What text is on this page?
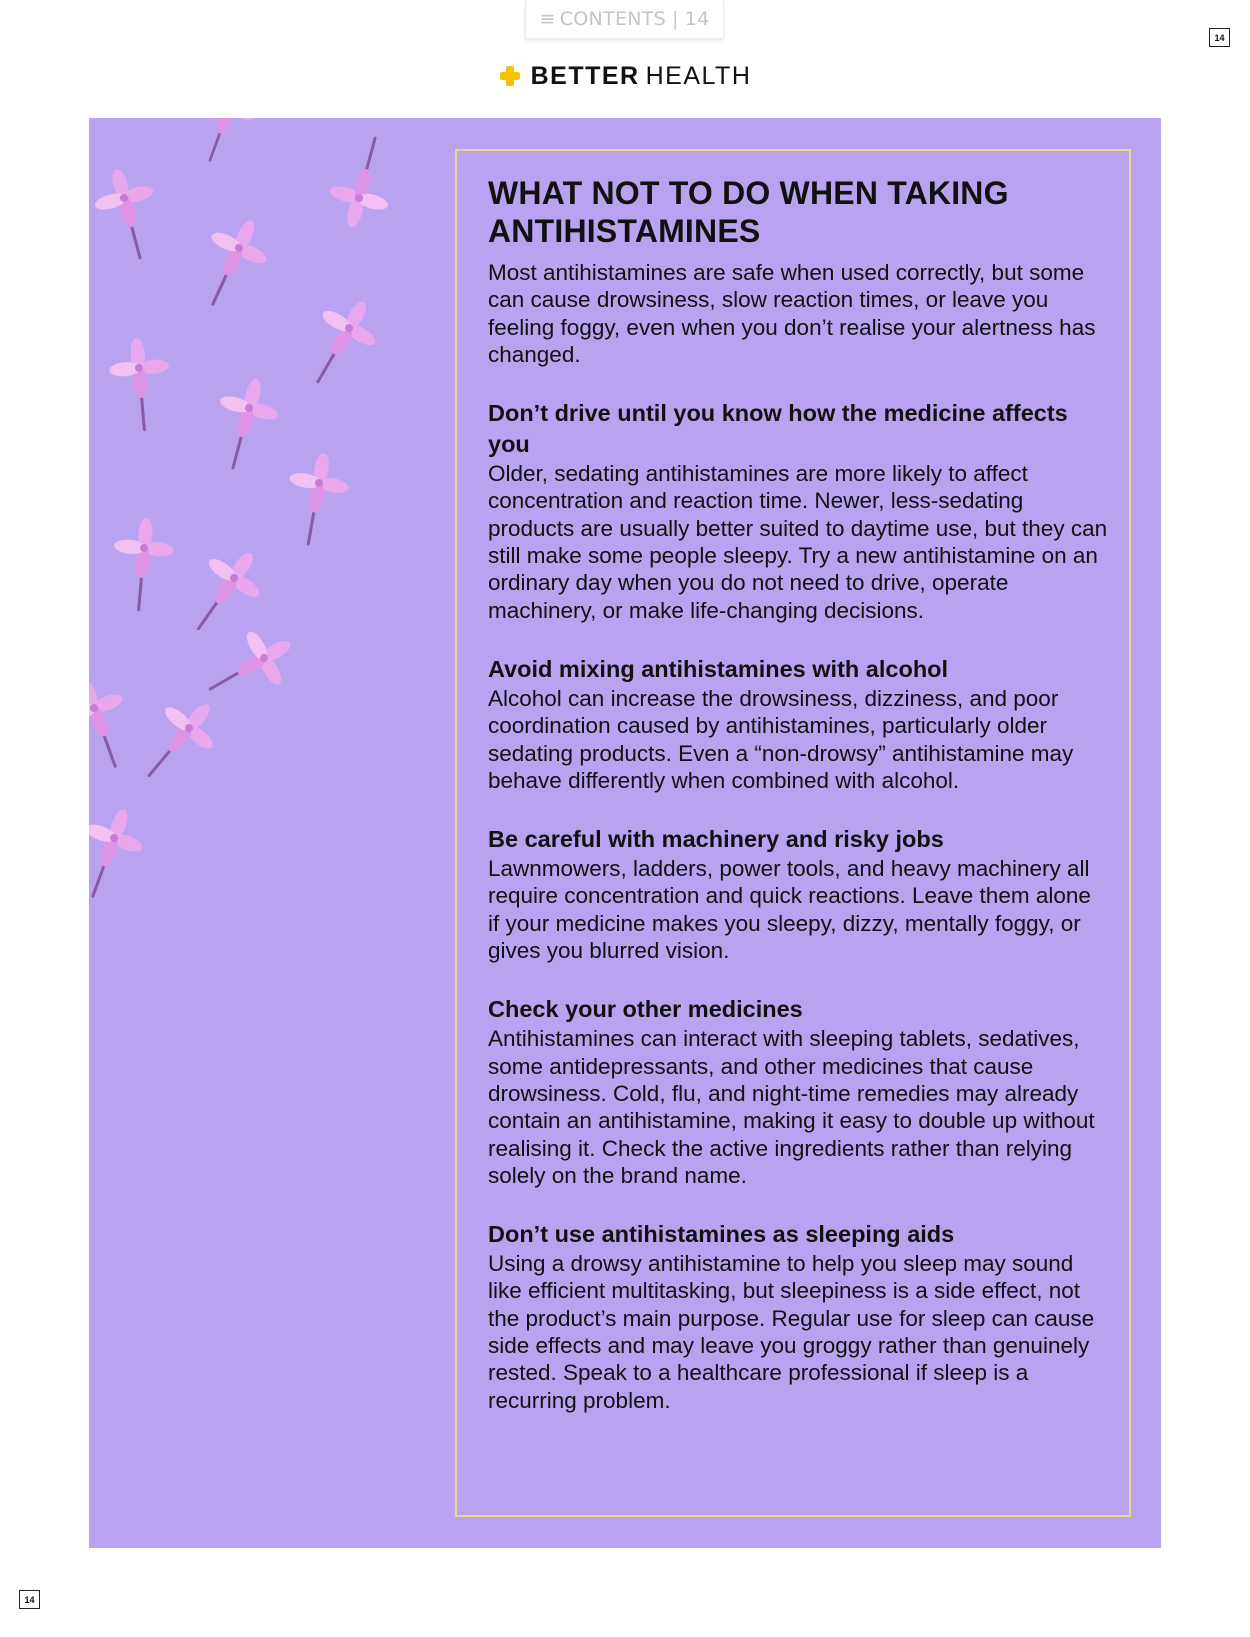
≡ CONTENTS | 14
14
BETTER HEALTH
WHAT NOT TO DO WHEN TAKING ANTIHISTAMINES

Most antihistamines are safe when used correctly, but some can cause drowsiness, slow reaction times, or leave you feeling foggy, even when you don’t realise your alertness has changed.

Don’t drive until you know how the medicine affects you

Older, sedating antihistamines are more likely to affect concentration and reaction time. Newer, less-sedating products are usually better suited to daytime use, but they can still make some people sleepy. Try a new antihistamine on an ordinary day when you do not need to drive, operate machinery, or make life-changing decisions.

Avoid mixing antihistamines with alcohol

Alcohol can increase the drowsiness, dizziness, and poor coordination caused by antihistamines, particularly older sedating products. Even a “non-drowsy” antihistamine may behave differently when combined with alcohol.

Be careful with machinery and risky jobs

Lawnmowers, ladders, power tools, and heavy machinery all require concentration and quick reactions. Leave them alone if your medicine makes you sleepy, dizzy, mentally foggy, or gives you blurred vision.

Check your other medicines

Antihistamines can interact with sleeping tablets, sedatives, some antidepressants, and other medicines that cause drowsiness. Cold, flu, and night-time remedies may already contain an antihistamine, making it easy to double up without realising it. Check the active ingredients rather than relying solely on the brand name.

Don’t use antihistamines as sleeping aids

Using a drowsy antihistamine to help you sleep may sound like efficient multitasking, but sleepiness is a side effect, not the product’s main purpose. Regular use for sleep can cause side effects and may leave you groggy rather than genuinely rested. Speak to a healthcare professional if sleep is a recurring problem.

14
